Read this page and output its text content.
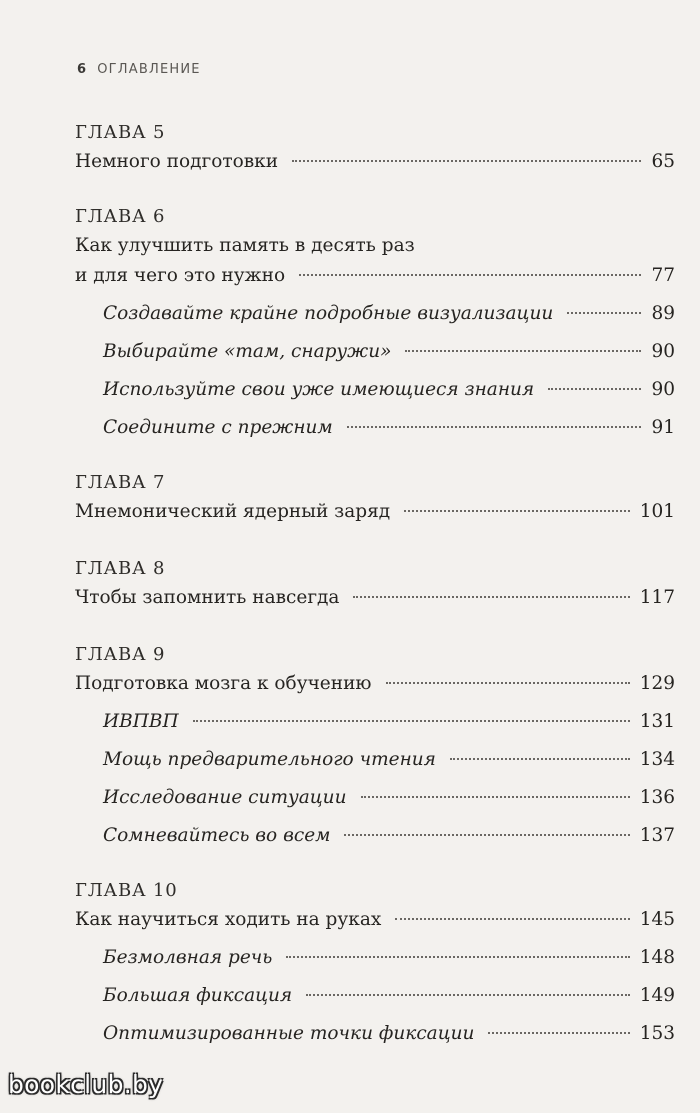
6 ОГЛАВЛЕНИЕ
ГЛАВА 5
Немного подготовки	65
ГЛАВА 6
Как улучшить память в десять раз
и для чего это нужно	77
Создавайте крайне подробные визуализации	89
Выбирайте «там, снаружи»	90
Используйте свои уже имеющиеся знания	90
Соедините с прежним	91
ГЛАВА 7
Мнемонический ядерный заряд	101
ГЛАВА 8
Чтобы запомнить навсегда	117
ГЛАВА 9
Подготовка мозга к обучению	129
ИВПВП	131
Мощь предварительного чтения	134
Исследование ситуации	136
Сомневайтесь во всем	137
ГЛАВА 10
Как научиться ходить на руках	145
Безмолвная речь	148
Большая фиксация	149
Оптимизированные точки фиксации	153
bookclub.by
